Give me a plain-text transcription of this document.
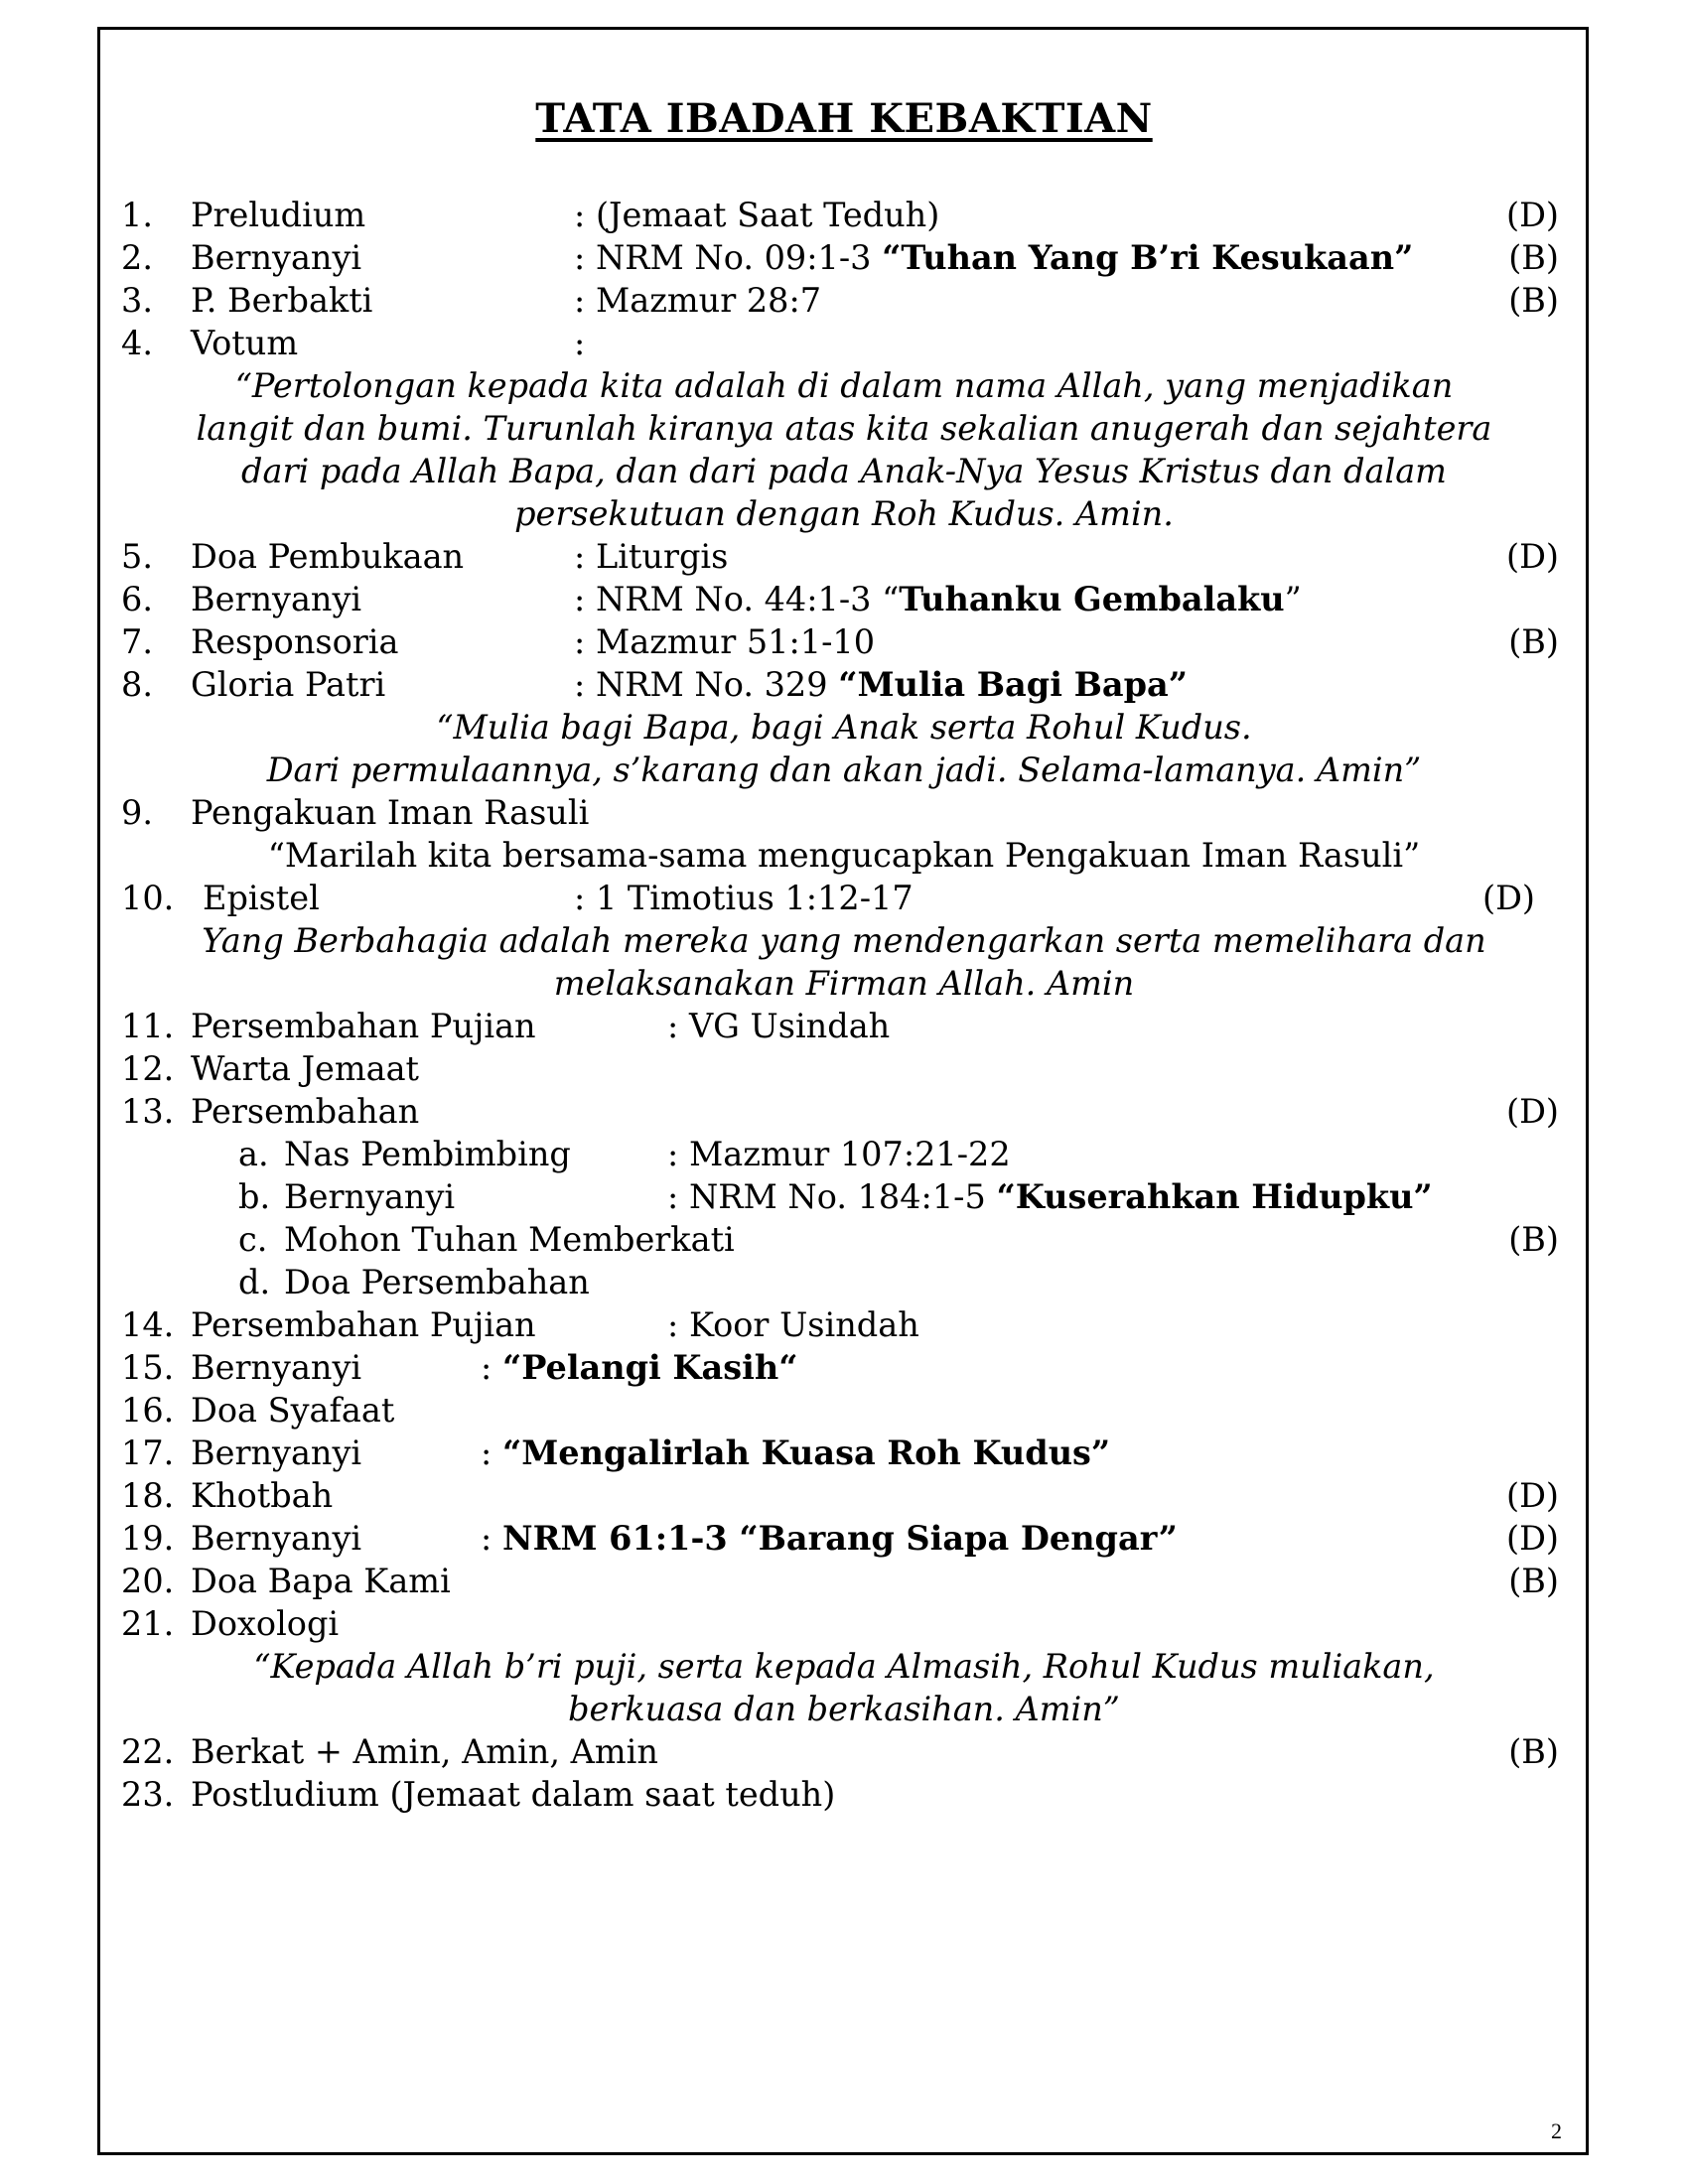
TATA IBADAH KEBAKTIAN
1. Preludium	: (Jemaat Saat Teduh)	(D)
2. Bernyanyi	: NRM No. 09:1-3 “Tuhan Yang B’ri Kesukaan”	(B)
3. P. Berbakti	: Mazmur 28:7	(B)
4. Votum	:
“Pertolongan kepada kita adalah di dalam nama Allah, yang menjadikan
langit dan bumi. Turunlah kiranya atas kita sekalian anugerah dan sejahtera
dari pada Allah Bapa, dan dari pada Anak-Nya Yesus Kristus dan dalam
persekutuan dengan Roh Kudus. Amin.
5. Doa Pembukaan	: Liturgis	(D)
6. Bernyanyi	: NRM No. 44:1-3 “Tuhanku Gembalaku”
7. Responsoria	: Mazmur 51:1-10	(B)
8. Gloria Patri	: NRM No. 329 “Mulia Bagi Bapa”
“Mulia bagi Bapa, bagi Anak serta Rohul Kudus.
Dari permulaannya, s’karang dan akan jadi. Selama-lamanya. Amin”
9. Pengakuan Iman Rasuli
“Marilah kita bersama-sama mengucapkan Pengakuan Iman Rasuli”
10. Epistel	: 1 Timotius 1:12-17	(D)
Yang Berbahagia adalah mereka yang mendengarkan serta memelihara dan
melaksanakan Firman Allah. Amin
11. Persembahan Pujian	: VG Usindah
12. Warta Jemaat
13. Persembahan	(D)
a. Nas Pembimbing	: Mazmur 107:21-22
b. Bernyanyi	: NRM No. 184:1-5 “Kuserahkan Hidupku”
c. Mohon Tuhan Memberkati	(B)
d. Doa Persembahan
14. Persembahan Pujian	: Koor Usindah
15. Bernyanyi	: “Pelangi Kasih“
16. Doa Syafaat
17. Bernyanyi	: “Mengalirlah Kuasa Roh Kudus”
18. Khotbah	(D)
19. Bernyanyi	: NRM 61:1-3 “Barang Siapa Dengar”	(D)
20. Doa Bapa Kami	(B)
21. Doxologi
“Kepada Allah b’ri puji, serta kepada Almasih, Rohul Kudus muliakan,
berkuasa dan berkasihan. Amin”
22. Berkat + Amin, Amin, Amin	(B)
23. Postludium (Jemaat dalam saat teduh)
2
